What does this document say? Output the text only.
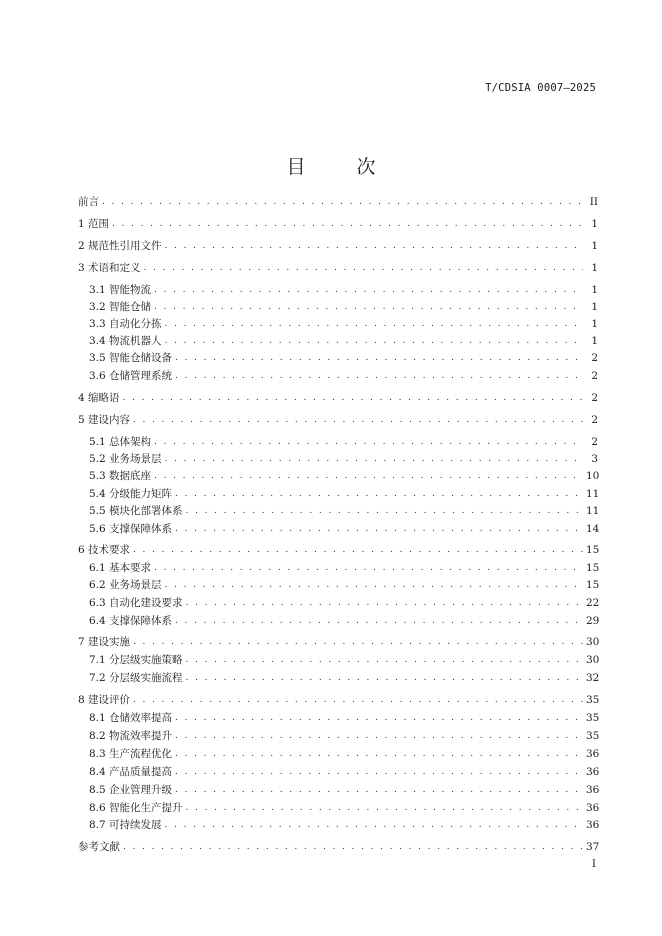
T/CDSIA 0007—2025
目　次
前言 . . .	II
1 范围 . . .	1
2 规范性引用文件 . . .	1
3 术语和定义 . . .	1
3.1 智能物流 . . .	1
3.2 智能仓储 . . .	1
3.3 自动化分拣 . . .	1
3.4 物流机器人 . . .	1
3.5 智能仓储设备 . . .	2
3.6 仓储管理系统 . . .	2
4 缩略语 . . .	2
5 建设内容 . . .	2
5.1 总体架构 . . .	2
5.2 业务场景层 . . .	3
5.3 数据底座 . . .	10
5.4 分级能力矩阵 . . .	11
5.5 模块化部署体系 . . .	11
5.6 支撑保障体系 . . .	14
6 技术要求 . . .	15
6.1 基本要求 . . .	15
6.2 业务场景层 . . .	15
6.3 自动化建设要求 . . .	22
6.4 支撑保障体系 . . .	29
7 建设实施 . . .	30
7.1 分层级实施策略 . . .	30
7.2 分层级实施流程 . . .	32
8 建设评价 . . .	35
8.1 仓储效率提高 . . .	35
8.2 物流效率提升 . . .	35
8.3 生产流程优化 . . .	36
8.4 产品质量提高 . . .	36
8.5 企业管理升级 . . .	36
8.6 智能化生产提升 . . .	36
8.7 可持续发展 . . .	36
参考文献 . . .	37
I
